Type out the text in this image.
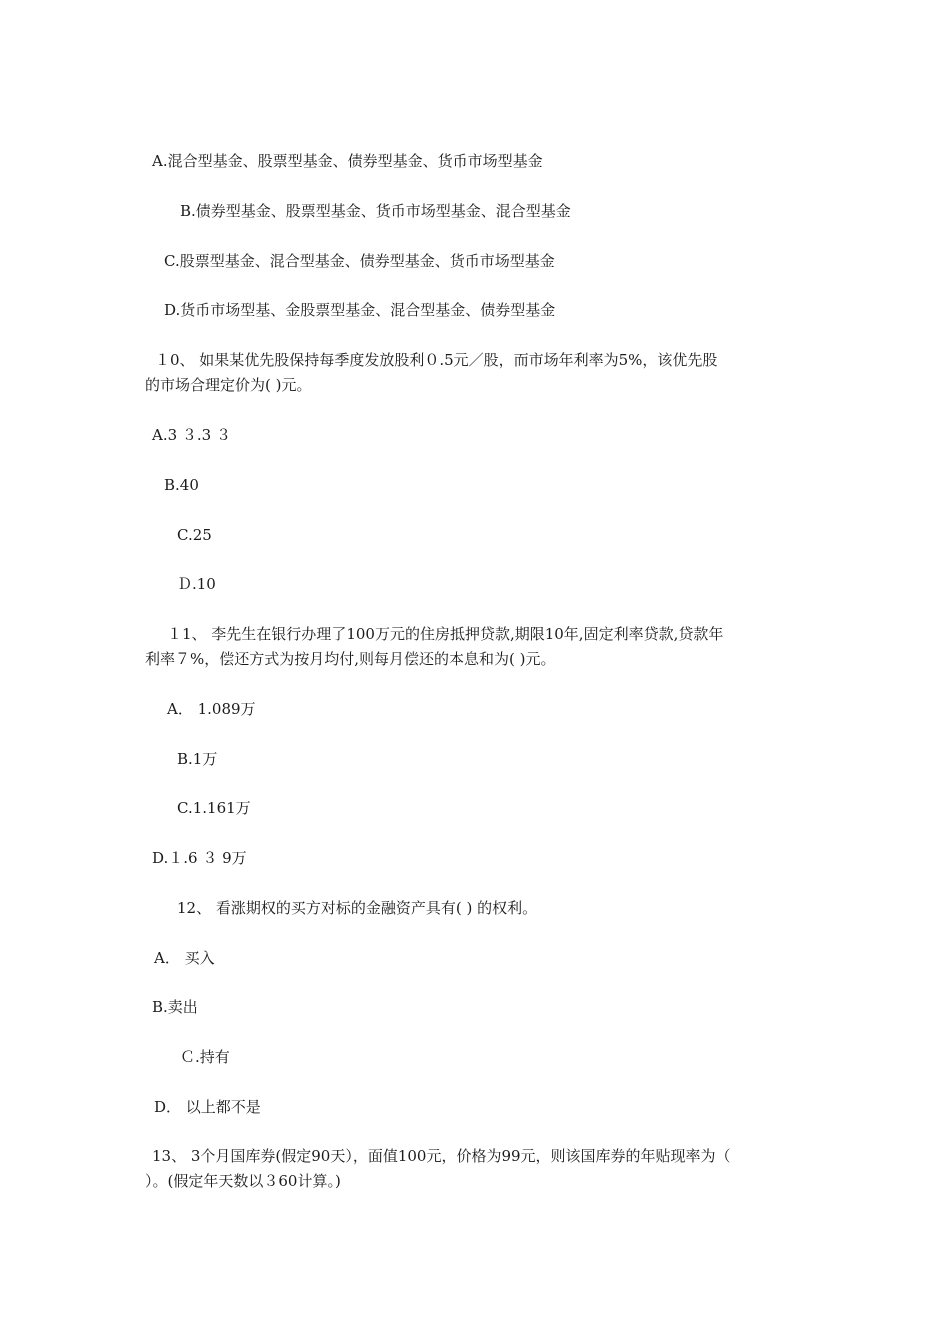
A.混合型基金、股票型基金、债券型基金、货币市场型基金
B.债券型基金、股票型基金、货币市场型基金、混合型基金
C.股票型基金、混合型基金、债券型基金、货币市场型基金
D.货币市场型基、金股票型基金、混合型基金、债券型基金
１0、 如果某优先股保持每季度发放股利０.5元／股，而市场年利率为5%，该优先股
的市场合理定价为( )元。
A.3 ３.3 ３
B.40
C.25
Ｄ.10
１1、 李先生在银行办理了100万元的住房抵押贷款,期限10年,固定利率贷款,贷款年
利率７%，偿还方式为按月均付,则每月偿还的本息和为( )元。
A． 1.089万
B.1万
C.1.161万
D.１.6 ３ 9万
12、 看涨期权的买方对标的金融资产具有( ) 的权利。
A． 买入
B.卖出
Ｃ.持有
D． 以上都不是
13、 3个月国库券(假定90天），面值100元，价格为99元，则该国库券的年贴现率为（
）。(假定年天数以３60计算。)
